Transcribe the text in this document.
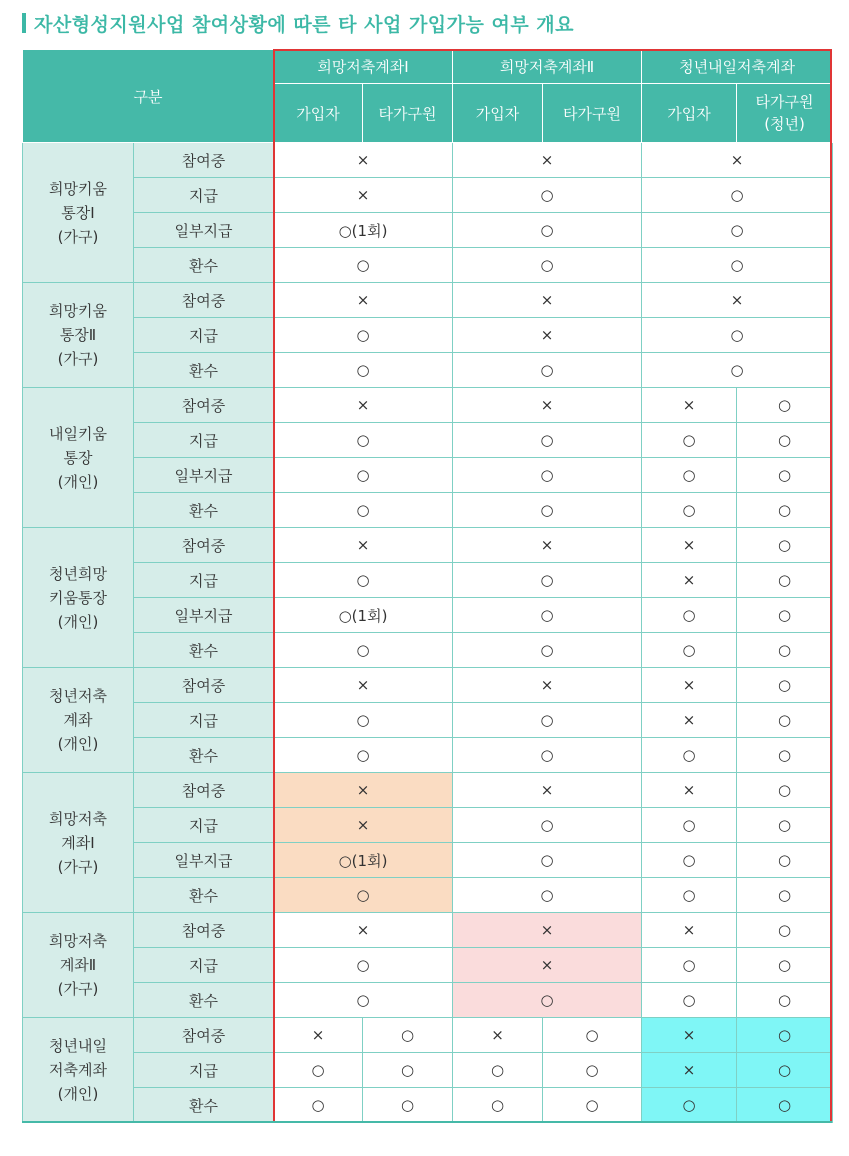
자산형성지원사업 참여상황에 따른 타 사업 가입가능 여부 개요
구분		희망저축계좌Ⅰ		희망저축계좌Ⅱ		청년내일저축계좌	
		가입자	타가구원	가입자	타가구원	가입자	타가구원
(청년)
희망키움
통장Ⅰ
(가구)	참여중	×		×		×	
	지급	×		○		○	
	일부지급	○(1회)		○		○	
	환수	○		○		○	
희망키움
통장Ⅱ
(가구)	참여중	×		×		×	
	지급	○		×		○	
	환수	○		○		○	
내일키움
통장
(개인)	참여중	×		×		×	○
	지급	○		○		○	○
	일부지급	○		○		○	○
	환수	○		○		○	○
청년희망
키움통장
(개인)	참여중	×		×		×	○
	지급	○		○		×	○
	일부지급	○(1회)		○		○	○
	환수	○		○		○	○
청년저축
계좌
(개인)	참여중	×		×		×	○
	지급	○		○		×	○
	환수	○		○		○	○
희망저축
계좌Ⅰ
(가구)	참여중	×		×		×	○
	지급	×		○		○	○
	일부지급	○(1회)		○		○	○
	환수	○		○		○	○
희망저축
계좌Ⅱ
(가구)	참여중	×		×		×	○
	지급	○		×		○	○
	환수	○		○		○	○
청년내일
저축계좌
(개인)	참여중	×	○	×	○	×	○
	지급	○	○	○	○	×	○
	환수	○	○	○	○	○	○
